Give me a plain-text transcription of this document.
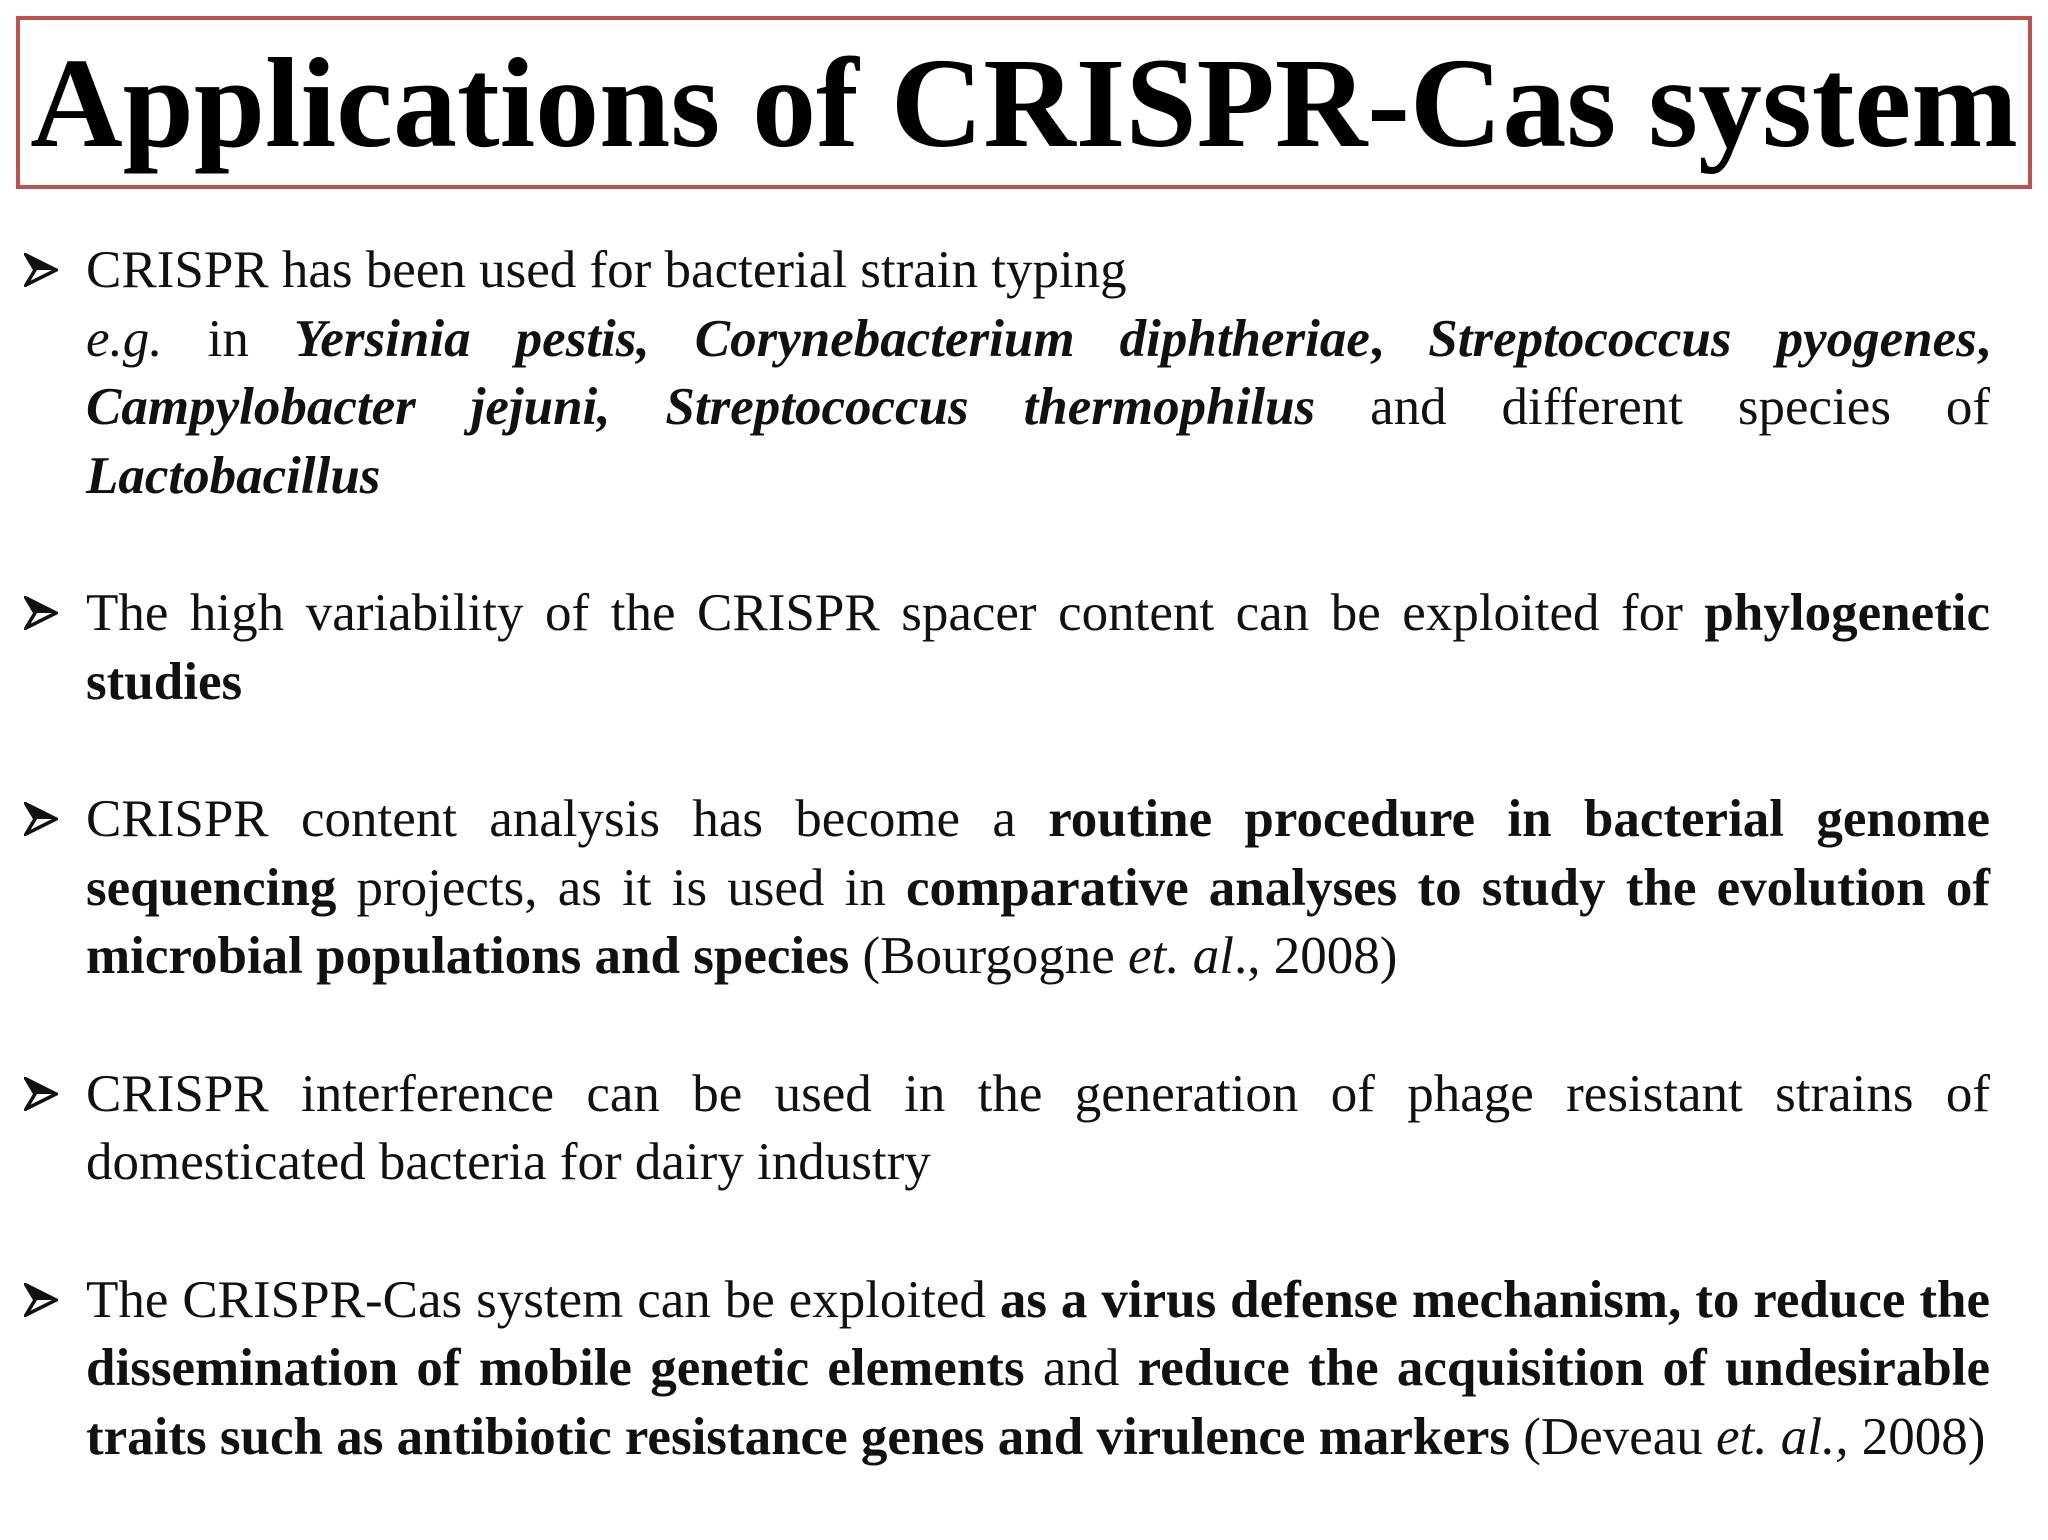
Applications of CRISPR-Cas system
CRISPR has been used for bacterial strain typing
e.g. in Yersinia pestis, Corynebacterium diphtheriae, Streptococcus pyogenes, Campylobacter jejuni, Streptococcus thermophilus and different species of Lactobacillus
The high variability of the CRISPR spacer content can be exploited for phylogenetic studies
CRISPR content analysis has become a routine procedure in bacterial genome sequencing projects, as it is used in comparative analyses to study the evolution of microbial populations and species (Bourgogne et. al., 2008)
CRISPR interference can be used in the generation of phage resistant strains of domesticated bacteria for dairy industry
The CRISPR-Cas system can be exploited as a virus defense mechanism, to reduce the dissemination of mobile genetic elements and reduce the acquisition of undesirable traits such as antibiotic resistance genes and virulence markers (Deveau et. al., 2008)
